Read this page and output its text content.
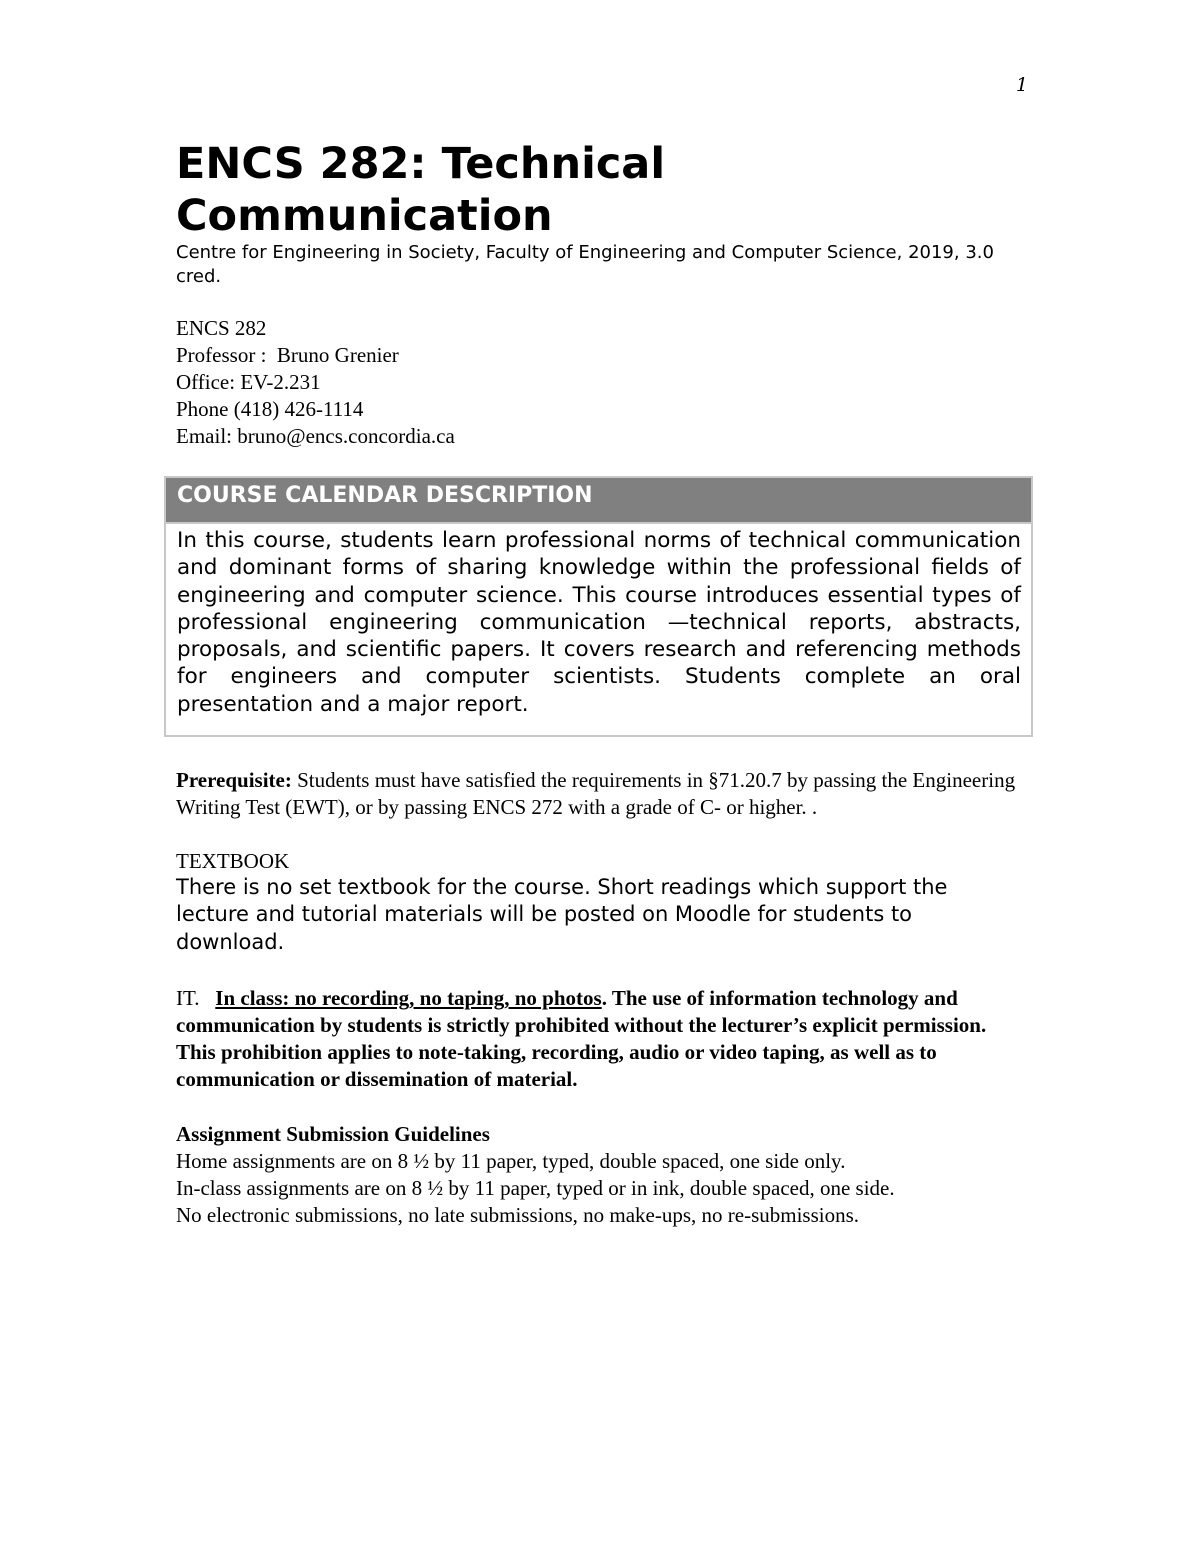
1
ENCS 282: Technical Communication

Centre for Engineering in Society, Faculty of Engineering and Computer Science, 2019, 3.0 cred.

ENCS 282
Professor :  Bruno Grenier
Office: EV-2.231
Phone (418) 426-1114
Email: bruno@encs.concordia.ca
COURSE CALENDAR DESCRIPTION
In this course, students learn professional norms of technical communication and dominant forms of sharing knowledge within the professional fields of engineering and computer science. This course introduces essential types of professional engineering communication —technical reports, abstracts, proposals, and scientific papers. It covers research and referencing methods for engineers and computer scientists. Students complete an oral presentation and a major report.

Prerequisite: Students must have satisfied the requirements in §71.20.7 by passing the Engineering Writing Test (EWT), or by passing ENCS 272 with a grade of C- or higher. .

TEXTBOOK

There is no set textbook for the course. Short readings which support the lecture and tutorial materials will be posted on Moodle for students to download.

IT.   In class: no recording, no taping, no photos. The use of information technology and communication by students is strictly prohibited without the lecturer’s explicit permission. This prohibition applies to note-taking, recording, audio or video taping, as well as to communication or dissemination of material.

Assignment Submission Guidelines
Home assignments are on 8 ½ by 11 paper, typed, double spaced, one side only.
In-class assignments are on 8 ½ by 11 paper, typed or in ink, double spaced, one side.
No electronic submissions, no late submissions, no make-ups, no re-submissions.
